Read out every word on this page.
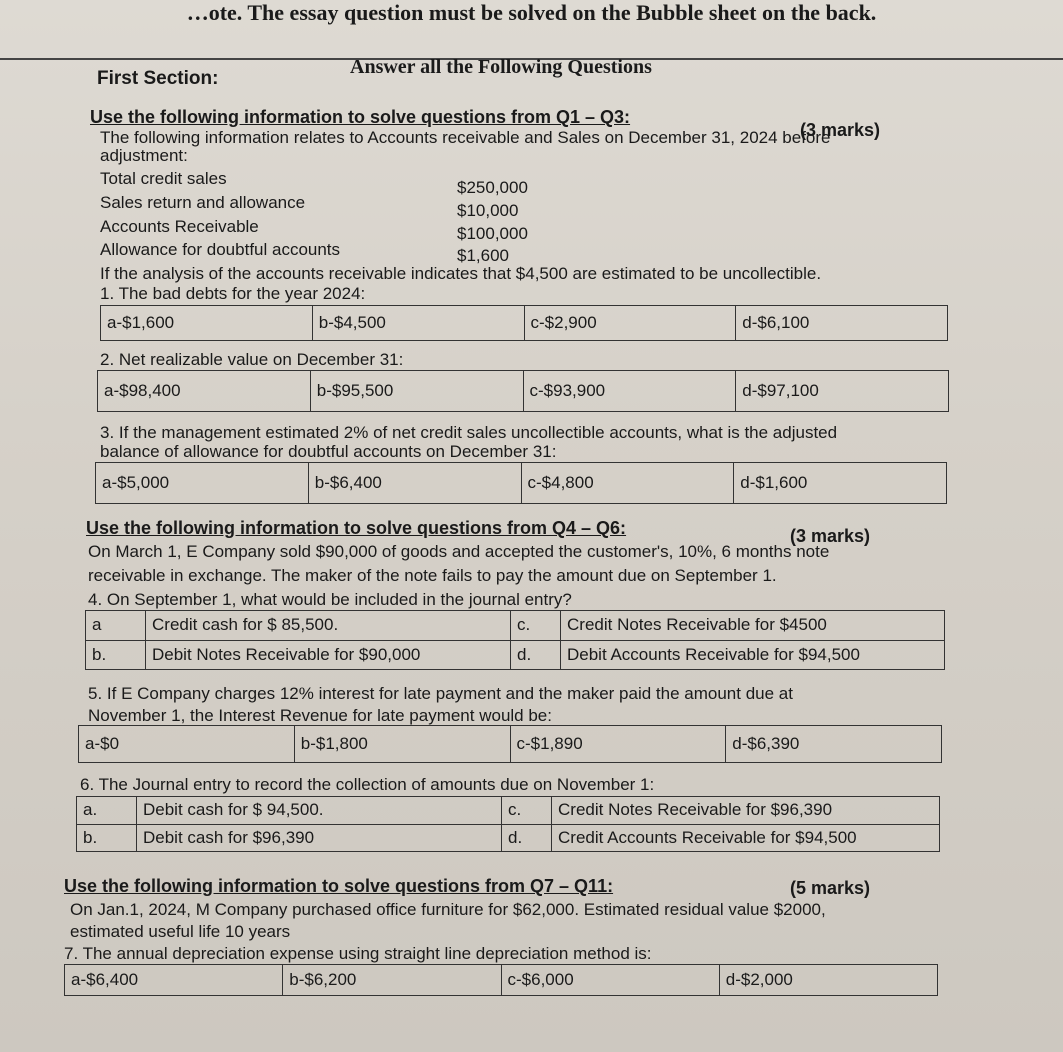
…ote. The essay question must be solved on the Bubble sheet on the back.
Answer all the Following Questions
First Section:
Use the following information to solve questions from Q1 – Q3:
(3 marks)
The following information relates to Accounts receivable and Sales on December 31, 2024 before
adjustment:
Total credit sales	$250,000
Sales return and allowance	$10,000
Accounts Receivable	$100,000
Allowance for doubtful accounts	$1,600
If the analysis of the accounts receivable indicates that $4,500 are estimated to be uncollectible.
1. The bad debts for the year 2024:
a-$1,600	b-$4,500	c-$2,900	d-$6,100
2. Net realizable value on December 31:
a-$98,400	b-$95,500	c-$93,900	d-$97,100
3. If the management estimated 2% of net credit sales uncollectible accounts, what is the adjusted
balance of allowance for doubtful accounts on December 31:
a-$5,000	b-$6,400	c-$4,800	d-$1,600
Use the following information to solve questions from Q4 – Q6:	(3 marks)
On March 1, E Company sold $90,000 of goods and accepted the customer's, 10%, 6 months note
receivable in exchange. The maker of the note fails to pay the amount due on September 1.
4. On September 1, what would be included in the journal entry?
a	Credit cash for $ 85,500.	c.	Credit Notes Receivable for $4500
b.	Debit Notes Receivable for $90,000	d.	Debit Accounts Receivable for $94,500
5. If E Company charges 12% interest for late payment and the maker paid the amount due at
November 1, the Interest Revenue for late payment would be:
a-$0	b-$1,800	c-$1,890	d-$6,390
6. The Journal entry to record the collection of amounts due on November 1:
a.	Debit cash for $ 94,500.	c.	Credit Notes Receivable for $96,390
b.	Debit cash for $96,390	d.	Credit Accounts Receivable for $94,500
Use the following information to solve questions from Q7 – Q11:	(5 marks)
On Jan.1, 2024, M Company purchased office furniture for $62,000. Estimated residual value $2000,
estimated useful life 10 years
7. The annual depreciation expense using straight line depreciation method is:
a-$6,400	b-$6,200	c-$6,000	d-$2,000
